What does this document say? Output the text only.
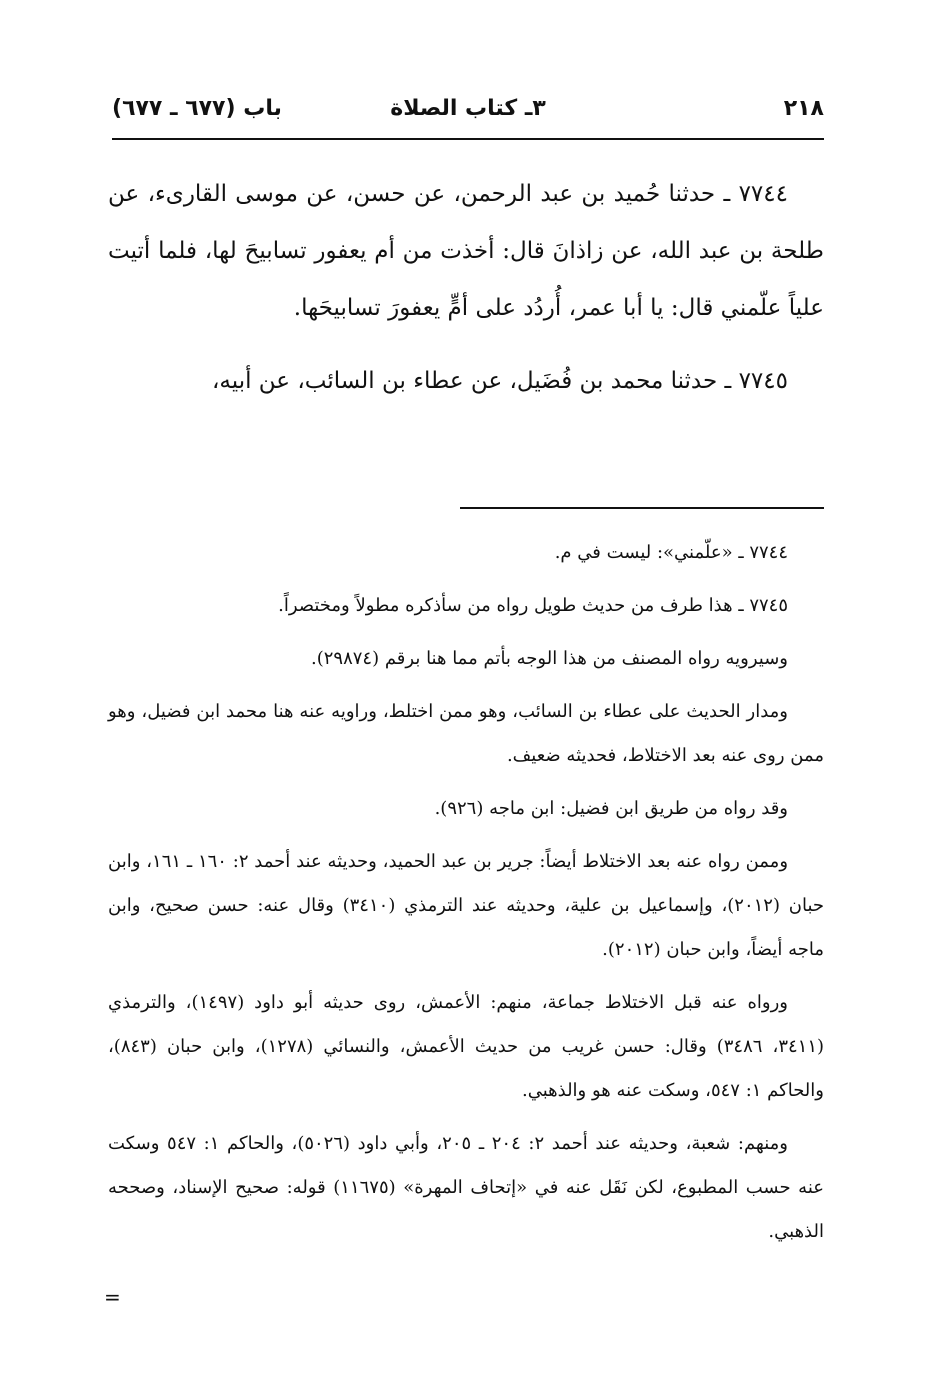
٢١٨
٣ـ كتاب الصلاة
باب (٦٧٧ ـ ٦٧٧)

٧٧٤٤ ـ حدثنا حُميد بن عبد الرحمن، عن حسن، عن موسى القارىء، عن طلحة بن عبد الله، عن زاذانَ قال: أخذت من أم يعفور تسابيحَ لها، فلما أتيت علياً علّمني قال: يا أبا عمر، أُردُد على أمٍّ يعفورَ تسابيحَها.

٧٧٤٥ ـ حدثنا محمد بن فُضَيل، عن عطاء بن السائب، عن أبيه،

٧٧٤٤ ـ «علّمني»: ليست في م.

٧٧٤٥ ـ هذا طرف من حديث طويل رواه من سأذكره مطولاً ومختصراً.

وسيرويه رواه المصنف من هذا الوجه بأتم مما هنا برقم (٢٩٨٧٤).

ومدار الحديث على عطاء بن السائب، وهو ممن اختلط، وراويه عنه هنا محمد ابن فضيل، وهو ممن روى عنه بعد الاختلاط، فحديثه ضعيف.

وقد رواه من طريق ابن فضيل: ابن ماجه (٩٢٦).

وممن رواه عنه بعد الاختلاط أيضاً: جرير بن عبد الحميد، وحديثه عند أحمد ٢: ١٦٠ ـ ١٦١، وابن حبان (٢٠١٢)، وإسماعيل بن علية، وحديثه عند الترمذي (٣٤١٠) وقال عنه: حسن صحيح، وابن ماجه أيضاً، وابن حبان (٢٠١٢).

ورواه عنه قبل الاختلاط جماعة، منهم: الأعمش، روى حديثه أبو داود (١٤٩٧)، والترمذي (٣٤١١، ٣٤٨٦) وقال: حسن غريب من حديث الأعمش، والنسائي (١٢٧٨)، وابن حبان (٨٤٣)، والحاكم ١: ٥٤٧، وسكت عنه هو والذهبي.

ومنهم: شعبة، وحديثه عند أحمد ٢: ٢٠٤ ـ ٢٠٥، وأبي داود (٥٠٢٦)، والحاكم ١: ٥٤٧ وسكت عنه حسب المطبوع، لكن نَقَل عنه في «إتحاف المهرة» (١١٦٧٥) قوله: صحيح الإسناد، وصححه الذهبي.

=
